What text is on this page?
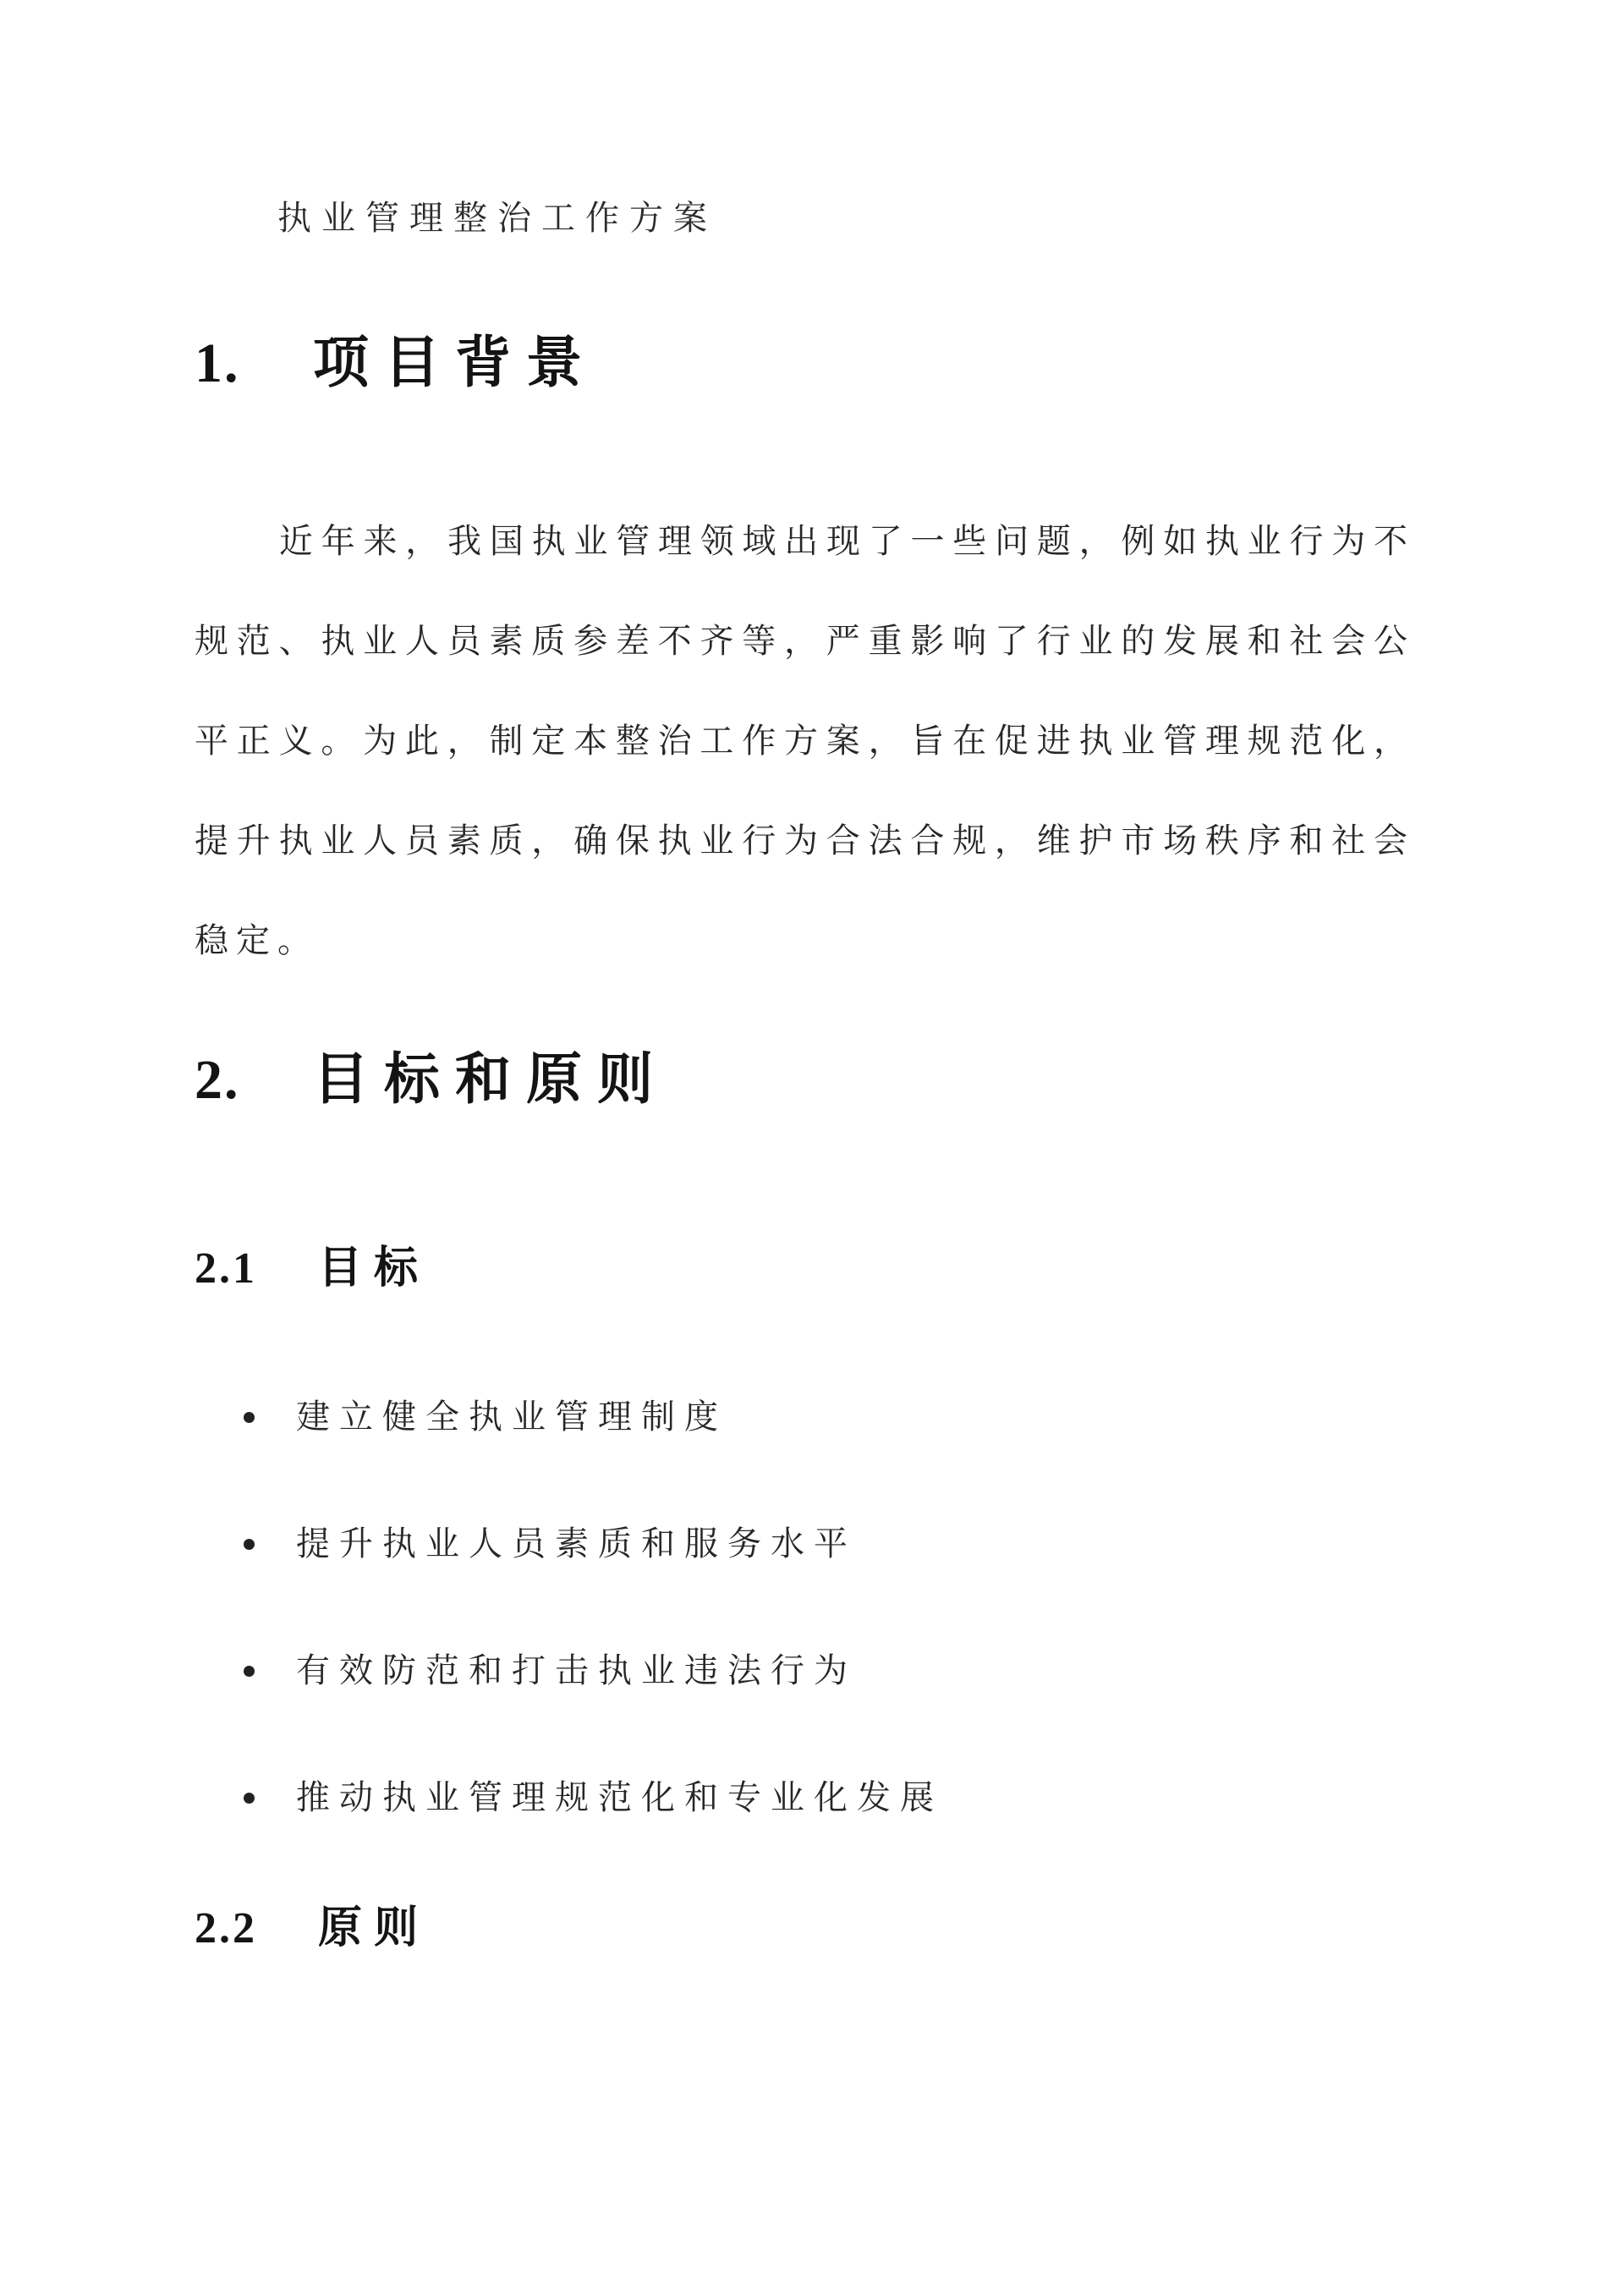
执业管理整治工作方案
1. 项目背景
近年来，我国执业管理领域出现了一些问题，例如执业行为不
规范、执业人员素质参差不齐等，严重影响了行业的发展和社会公
平正义。为此，制定本整治工作方案，旨在促进执业管理规范化，
提升执业人员素质，确保执业行为合法合规，维护市场秩序和社会
稳定。
2. 目标和原则
2.1 目标
建立健全执业管理制度
提升执业人员素质和服务水平
有效防范和打击执业违法行为
推动执业管理规范化和专业化发展
2.2 原则
